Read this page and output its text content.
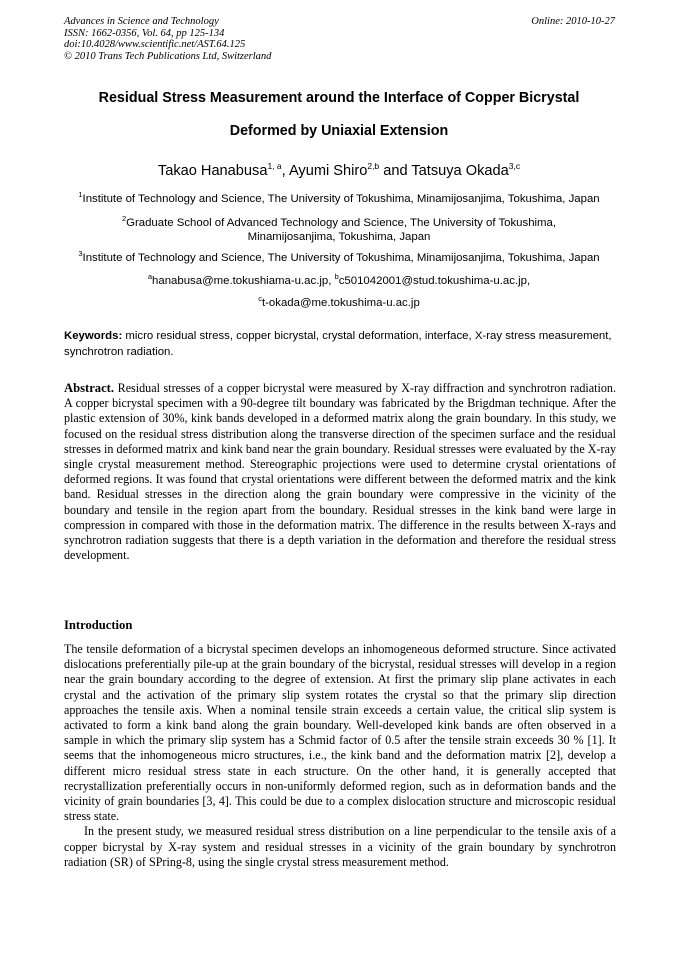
Advances in Science and Technology
ISSN: 1662-0356, Vol. 64, pp 125-134
doi:10.4028/www.scientific.net/AST.64.125
© 2010 Trans Tech Publications Ltd, Switzerland
Online: 2010-10-27
Residual Stress Measurement around the Interface of Copper Bicrystal
Deformed by Uniaxial Extension
Takao Hanabusa$^{1, a}$, Ayumi Shiro$^{2,b}$ and Tatsuya Okada$^{3,c}$
$^1$Institute of Technology and Science, The University of Tokushima, Minamijosanjima, Tokushima, Japan
$^2$Graduate School of Advanced Technology and Science, The University of Tokushima,
Minamijosanjima, Tokushima, Japan
$^3$Institute of Technology and Science, The University of Tokushima, Minamijosanjima, Tokushima, Japan
$^a$hanabusa@me.tokushiama-u.ac.jp, $^b$c501042001@stud.tokushima-u.ac.jp,
$^c$t-okada@me.tokushima-u.ac.jp
Keywords: micro residual stress, copper bicrystal, crystal deformation, interface, X-ray stress measurement, synchrotron radiation.
Abstract. Residual stresses of a copper bicrystal were measured by X-ray diffraction and synchrotron radiation. A copper bicrystal specimen with a 90-degree tilt boundary was fabricated by the Brigdman technique. After the plastic extension of 30%, kink bands developed in a deformed matrix along the grain boundary. In this study, we focused on the residual stress distribution along the transverse direction of the specimen surface and the residual stresses in deformed matrix and kink band near the grain boundary. Residual stresses were evaluated by the X-ray single crystal measurement method. Stereographic projections were used to determine crystal orientations of deformed regions. It was found that crystal orientations were different between the deformed matrix and the kink band. Residual stresses in the direction along the grain boundary were compressive in the vicinity of the boundary and tensile in the region apart from the boundary. Residual stresses in the kink band were large in compression in compared with those in the deformation matrix. The difference in the results between X-rays and synchrotron radiation suggests that there is a depth variation in the deformation and therefore the residual stress development.
Introduction

The tensile deformation of a bicrystal specimen develops an inhomogeneous deformed structure. Since activated dislocations preferentially pile-up at the grain boundary of the bicrystal, residual stresses will develop in a region near the grain boundary according to the degree of extension. At first the primary slip plane activates in each crystal and the activation of the primary slip system rotates the crystal so that the primary slip direction approaches the tensile axis. When a nominal tensile strain exceeds a certain value, the critical slip system is activated to form a kink band along the grain boundary. Well-developed kink bands are often observed in a sample in which the primary slip system has a Schmid factor of 0.5 after the tensile strain exceeds 30 % [1]. It seems that the inhomogeneous micro structures, i.e., the kink band and the deformation matrix [2], develop a different micro residual stress state in each structure. On the other hand, it is generally accepted that recrystallization preferentially occurs in non-uniformly deformed region, such as in deformation bands and the vicinity of grain boundaries [3, 4]. This could be due to a complex dislocation structure and microscopic residual stress state.

In the present study, we measured residual stress distribution on a line perpendicular to the tensile axis of a copper bicrystal by X-ray system and residual stresses in a vicinity of the grain boundary by synchrotron radiation (SR) of SPring-8, using the single crystal stress measurement method.
